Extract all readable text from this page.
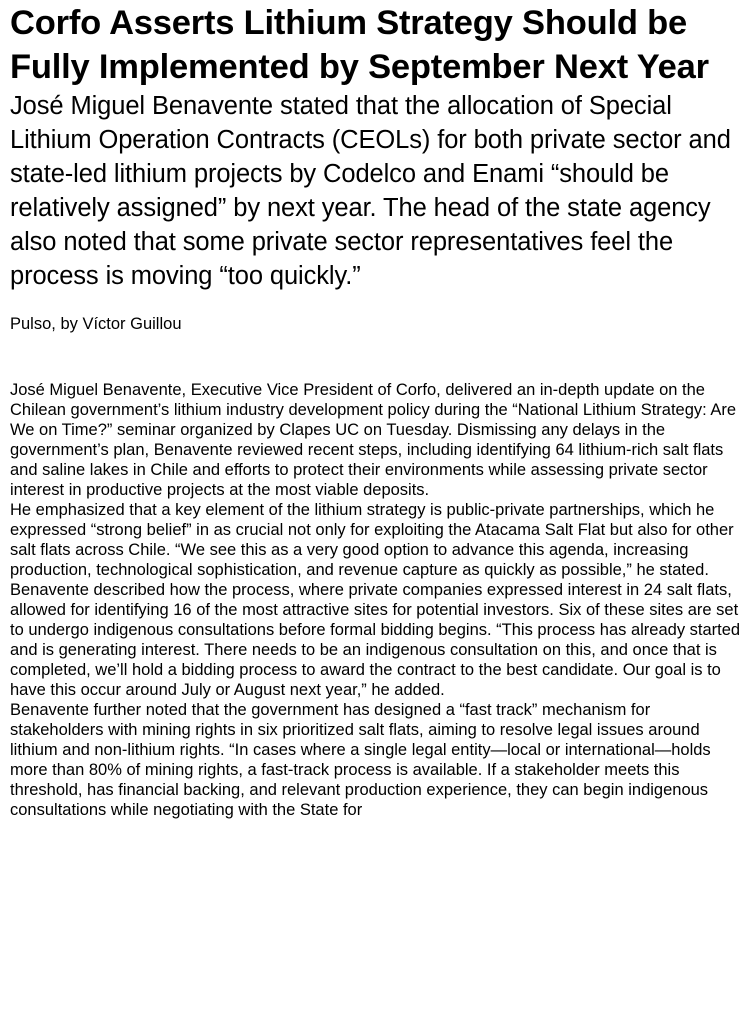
Corfo Asserts Lithium Strategy Should be Fully Implemented by September Next Year
José Miguel Benavente stated that the allocation of Special Lithium Operation Contracts (CEOLs) for both private sector and state-led lithium projects by Codelco and Enami “should be relatively assigned” by next year. The head of the state agency also noted that some private sector representatives feel the process is moving “too quickly.”

Pulso, by Víctor Guillou

José Miguel Benavente, Executive Vice President of Corfo, delivered an in-depth update on the Chilean government’s lithium industry development policy during the “National Lithium Strategy: Are We on Time?” seminar organized by Clapes UC on Tuesday. Dismissing any delays in the government’s plan, Benavente reviewed recent steps, including identifying 64 lithium-rich salt flats and saline lakes in Chile and efforts to protect their environments while assessing private sector interest in productive projects at the most viable deposits.

He emphasized that a key element of the lithium strategy is public-private partnerships, which he expressed “strong belief” in as crucial not only for exploiting the Atacama Salt Flat but also for other salt flats across Chile. “We see this as a very good option to advance this agenda, increasing production, technological sophistication, and revenue capture as quickly as possible,” he stated.

Benavente described how the process, where private companies expressed interest in 24 salt flats, allowed for identifying 16 of the most attractive sites for potential investors. Six of these sites are set to undergo indigenous consultations before formal bidding begins. “This process has already started and is generating interest. There needs to be an indigenous consultation on this, and once that is completed, we’ll hold a bidding process to award the contract to the best candidate. Our goal is to have this occur around July or August next year,” he added.

Benavente further noted that the government has designed a “fast track” mechanism for stakeholders with mining rights in six prioritized salt flats, aiming to resolve legal issues around lithium and non-lithium rights. “In cases where a single legal entity—local or international—holds more than 80% of mining rights, a fast-track process is available. If a stakeholder meets this threshold, has financial backing, and relevant production experience, they can begin indigenous consultations while negotiating with the State for
